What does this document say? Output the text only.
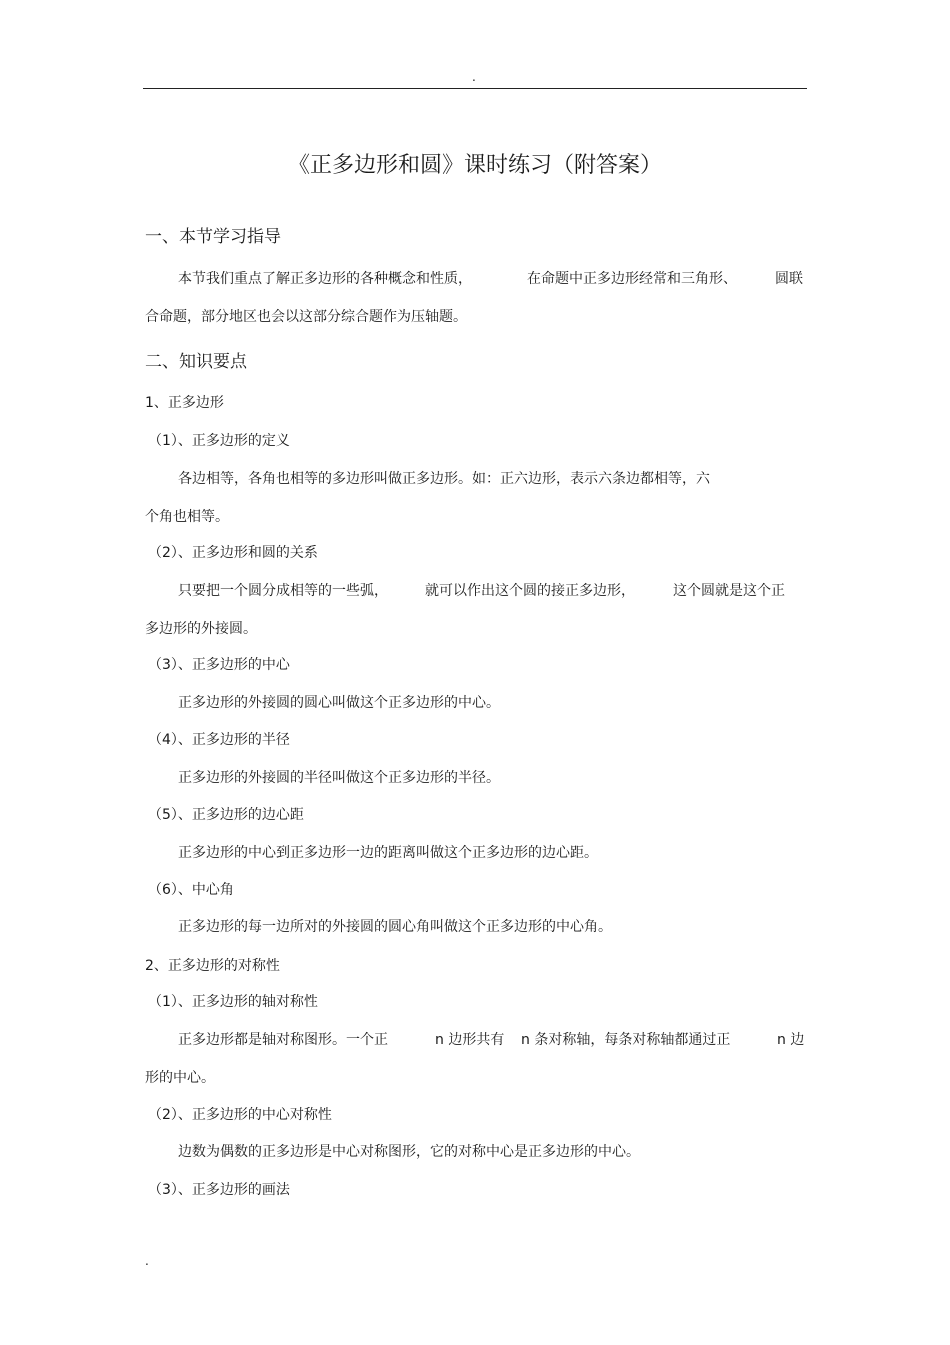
.
《正多边形和圆》课时练习（附答案）
一、本节学习指导
本节我们重点了解正多边形的各种概念和性质，	在命题中正多边形经常和三角形、	圆联
合命题，部分地区也会以这部分综合题作为压轴题。
二、知识要点
1、正多边形
（1）、正多边形的定义
各边相等，各角也相等的多边形叫做正多边形。如：正六边形，表示六条边都相等，六
个角也相等。
（2）、正多边形和圆的关系
只要把一个圆分成相等的一些弧，	就可以作出这个圆的接正多边形，	这个圆就是这个正
多边形的外接圆。
（3）、正多边形的中心
正多边形的外接圆的圆心叫做这个正多边形的中心。
（4）、正多边形的半径
正多边形的外接圆的半径叫做这个正多边形的半径。
（5）、正多边形的边心距
正多边形的中心到正多边形一边的距离叫做这个正多边形的边心距。
（6）、中心角
正多边形的每一边所对的外接圆的圆心角叫做这个正多边形的中心角。
2、正多边形的对称性
（1）、正多边形的轴对称性
正多边形都是轴对称图形。一个正	n 边形共有 n 条对称轴，每条对称轴都通过正	n 边
形的中心。
（2）、正多边形的中心对称性
边数为偶数的正多边形是中心对称图形，它的对称中心是正多边形的中心。
（3）、正多边形的画法
.
